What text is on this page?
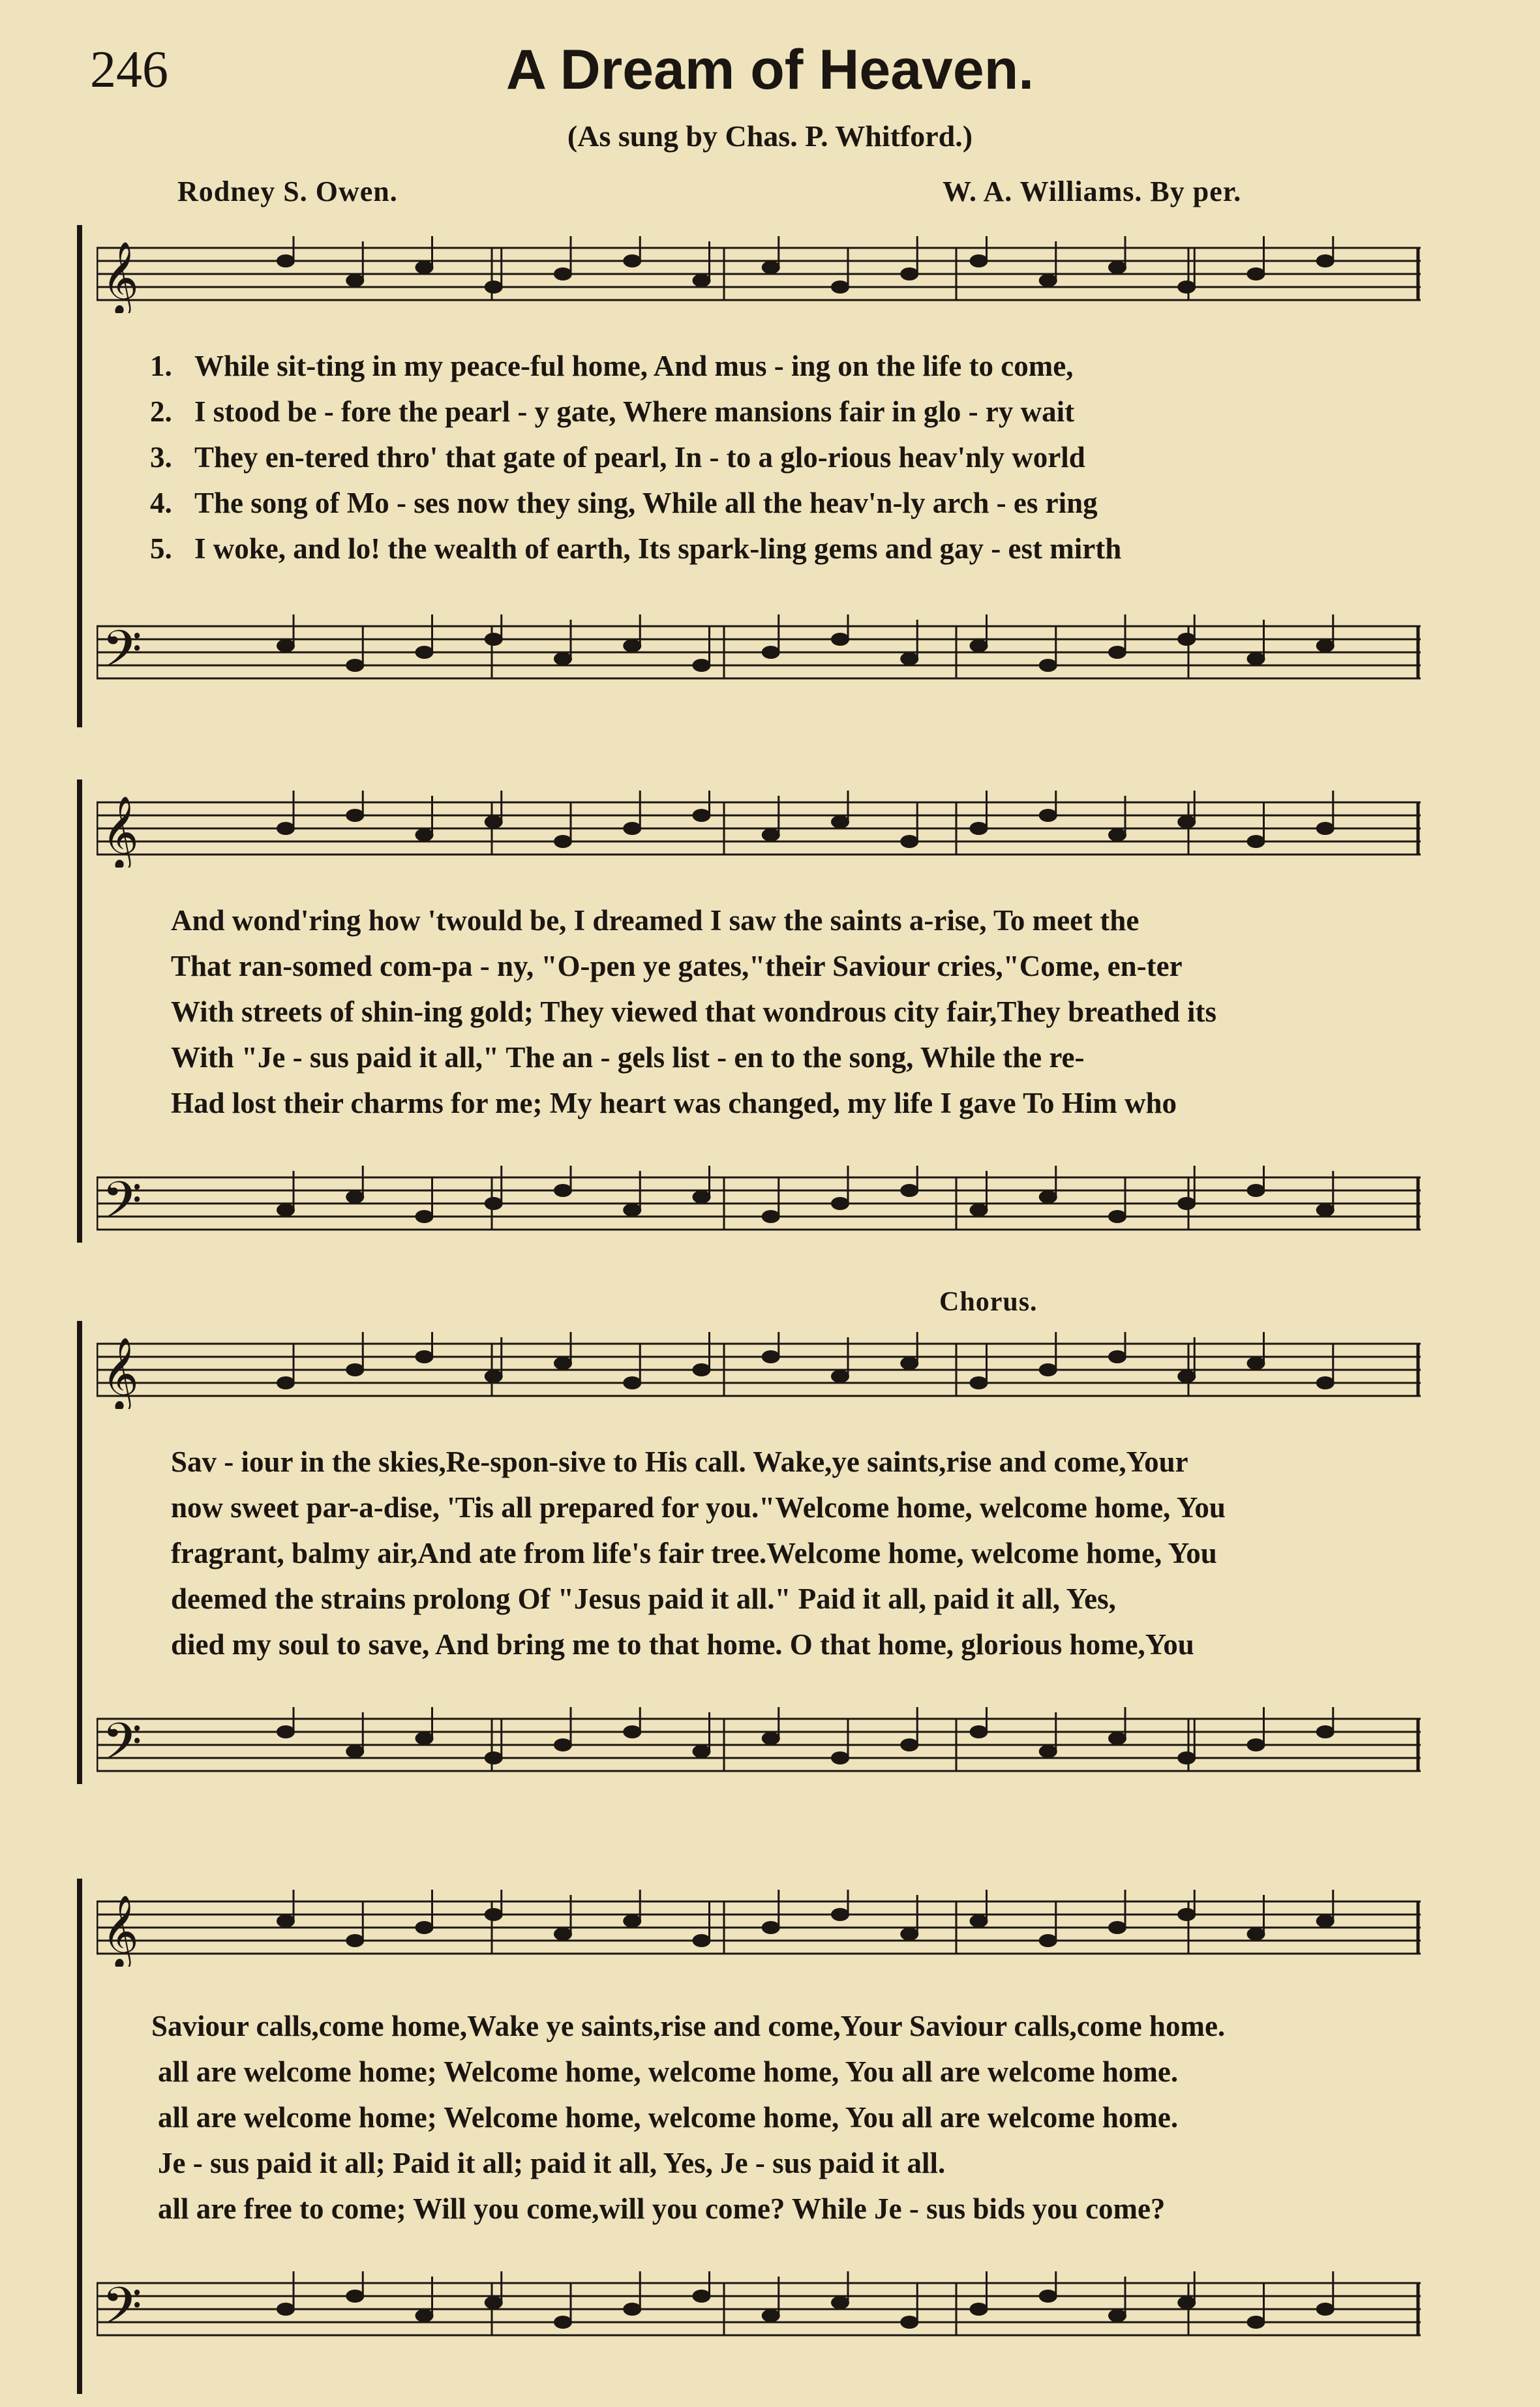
246	A Dream of Heaven.
(As sung by Chas. P. Whitford.)
Rodney S. Owen.	W. A. Williams. By per.
𝄞
𝄢
𝄞
𝄢
𝄞
𝄢
𝄞
𝄢
Chorus.
1. While sit-ting in my peace-ful home, And mus - ing on the life to come,
2. I stood be - fore the pearl - y gate, Where mansions fair in glo - ry wait
3. They en-tered thro' that gate of pearl, In - to a glo-rious heav'nly world
4. The song of Mo - ses now they sing, While all the heav'n-ly arch - es ring
5. I woke, and lo! the wealth of earth, Its spark-ling gems and gay - est mirth
And wond'ring how 'twould be, I dreamed I saw the saints a-rise, To meet the
That ran-somed com-pa - ny, "O-pen ye gates,"their Saviour cries,"Come, en-ter
With streets of shin-ing gold; They viewed that wondrous city fair,They breathed its
With "Je - sus paid it all," The an - gels list - en to the song, While the re-
Had lost their charms for me; My heart was changed, my life I gave To Him who
Sav - iour in the skies,Re-spon-sive to His call. Wake,ye saints,rise and come,Your
now sweet par-a-dise, 'Tis all prepared for you."Welcome home, welcome home, You
fragrant, balmy air,And ate from life's fair tree.Welcome home, welcome home, You
deemed the strains prolong Of "Jesus paid it all." Paid it all, paid it all, Yes,
died my soul to save, And bring me to that home. O that home, glorious home,You
Saviour calls,come home,Wake ye saints,rise and come,Your Saviour calls,come home.
all are welcome home; Welcome home, welcome home, You all are welcome home.
all are welcome home; Welcome home, welcome home, You all are welcome home.
Je - sus paid it all; Paid it all; paid it all, Yes, Je - sus paid it all.
all are free to come; Will you come,will you come? While Je - sus bids you come?
